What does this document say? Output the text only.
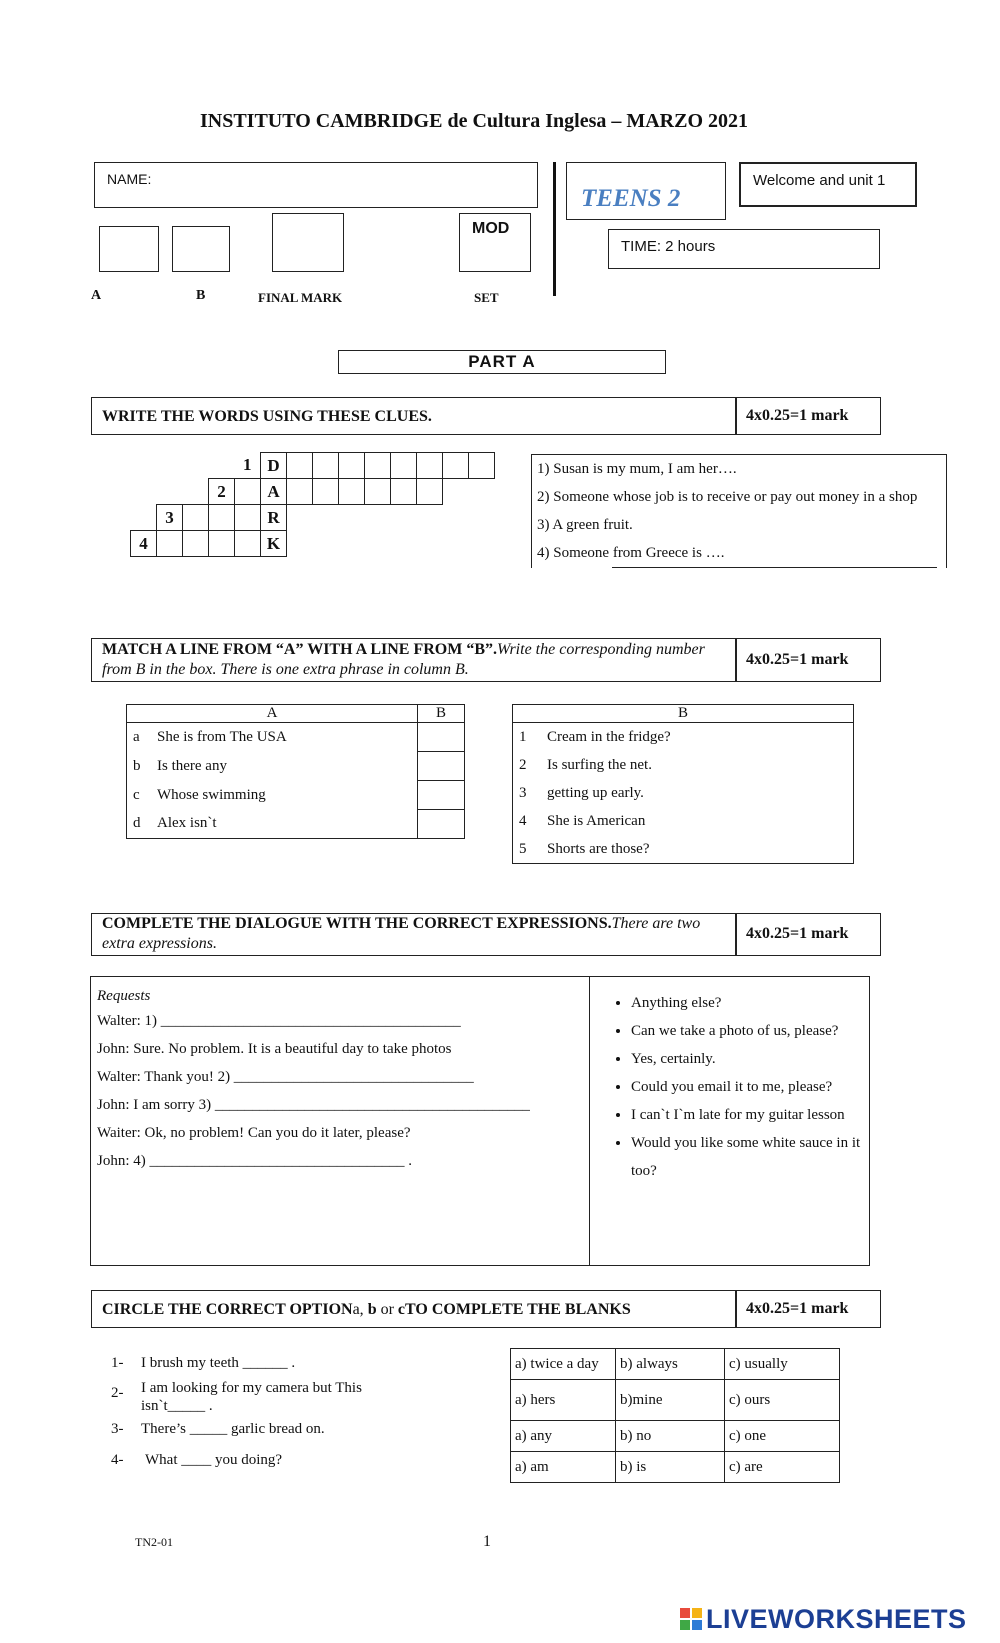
INSTITUTO CAMBRIDGE de Cultura Inglesa – MARZO 2021
NAME:
MOD
A	B	FINAL MARK	SET
TEENS 2
Welcome and unit 1
TIME: 2 hours
PART A
WRITE THE WORDS USING THESE CLUES.	4x0.25=1 mark
				1	D								
			2		A								
	3				R								
4					K								
1) Susan is my mum, I am her….
2) Someone whose job is to receive or pay out money in a shop
3) A green fruit.
4) Someone from Greece is ….
MATCH A LINE FROM “A” WITH A LINE FROM “B”.Write the corresponding number from B in the box. There is one extra phrase in column B.
4x0.25=1 mark
A		B
a	She is from The USA	
b	Is there any	
c	Whose swimming	
d	Alex isn`t	
B	
1	Cream in the fridge?
2	Is surfing the net.
3	getting up early.
4	She is American
5	Shorts are those?
COMPLETE THE DIALOGUE WITH THE CORRECT EXPRESSIONS.There are two extra expressions.
4x0.25=1 mark
Requests
Walter: 1) ________________________________________
John: Sure. No problem. It is a beautiful day to take photos
Walter: Thank you! 2) ________________________________
John: I am sorry 3) __________________________________________
Waiter: Ok, no problem! Can you do it later, please?
John: 4) __________________________________ .
• Anything else?
• Can we take a photo of us, please?
• Yes, certainly.
• Could you email it to me, please?
• I can`t I`m late for my guitar lesson
• Would you like some white sauce in it too?
CIRCLE THE CORRECT OPTIONa, b or cTO COMPLETE THE BLANKS	4x0.25=1 mark
1- I brush my teeth ______ .
2- I am looking for my camera but This isn`t_____ .
3- There’s _____ garlic bread on.
4- What ____ you doing?
a) twice a day	b) always	c) usually
a) hers	b)mine	c) ours
a) any	b) no	c) one
a) am	b) is	c) are
TN2-01	1
LIVEWORKSHEETS
